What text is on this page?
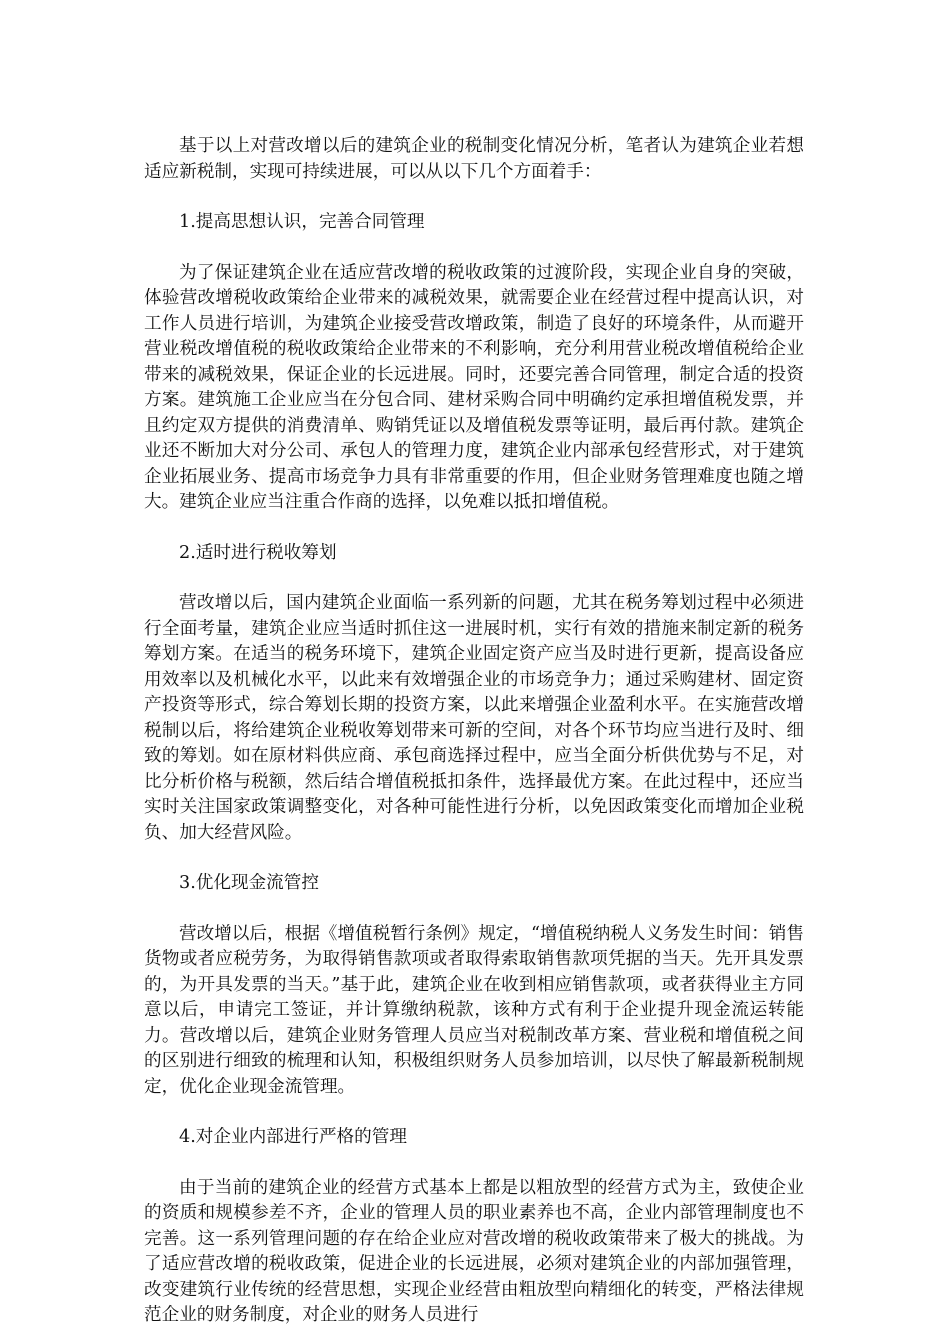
基于以上对营改增以后的建筑企业的税制变化情况分析，笔者认为建筑企业若想适应新税制，实现可持续进展，可以从以下几个方面着手：

1.提高思想认识，完善合同管理

为了保证建筑企业在适应营改增的税收政策的过渡阶段，实现企业自身的突破，体验营改增税收政策给企业带来的减税效果，就需要企业在经营过程中提高认识，对工作人员进行培训，为建筑企业接受营改增政策，制造了良好的环境条件，从而避开营业税改增值税的税收政策给企业带来的不利影响，充分利用营业税改增值税给企业带来的减税效果，保证企业的长远进展。同时，还要完善合同管理，制定合适的投资方案。建筑施工企业应当在分包合同、建材采购合同中明确约定承担增值税发票，并且约定双方提供的消费清单、购销凭证以及增值税发票等证明，最后再付款。建筑企业还不断加大对分公司、承包人的管理力度，建筑企业内部承包经营形式，对于建筑企业拓展业务、提高市场竞争力具有非常重要的作用，但企业财务管理难度也随之增大。建筑企业应当注重合作商的选择，以免难以抵扣增值税。

2.适时进行税收筹划

营改增以后，国内建筑企业面临一系列新的问题，尤其在税务筹划过程中必须进行全面考量，建筑企业应当适时抓住这一进展时机，实行有效的措施来制定新的税务筹划方案。在适当的税务环境下，建筑企业固定资产应当及时进行更新，提高设备应用效率以及机械化水平，以此来有效增强企业的市场竞争力；通过采购建材、固定资产投资等形式，综合筹划长期的投资方案，以此来增强企业盈利水平。在实施营改增税制以后，将给建筑企业税收筹划带来可新的空间，对各个环节均应当进行及时、细致的筹划。如在原材料供应商、承包商选择过程中，应当全面分析供优势与不足，对比分析价格与税额，然后结合增值税抵扣条件，选择最优方案。在此过程中，还应当实时关注国家政策调整变化，对各种可能性进行分析，以免因政策变化而增加企业税负、加大经营风险。

3.优化现金流管控

营改增以后，根据《增值税暂行条例》规定，“增值税纳税人义务发生时间：销售货物或者应税劳务，为取得销售款项或者取得索取销售款项凭据的当天。先开具发票的，为开具发票的当天。”基于此，建筑企业在收到相应销售款项，或者获得业主方同意以后，申请完工签证，并计算缴纳税款，该种方式有利于企业提升现金流运转能力。营改增以后，建筑企业财务管理人员应当对税制改革方案、营业税和增值税之间的区别进行细致的梳理和认知，积极组织财务人员参加培训，以尽快了解最新税制规定，优化企业现金流管理。

4.对企业内部进行严格的管理

由于当前的建筑企业的经营方式基本上都是以粗放型的经营方式为主，致使企业的资质和规模参差不齐，企业的管理人员的职业素养也不高，企业内部管理制度也不完善。这一系列管理问题的存在给企业应对营改增的税收政策带来了极大的挑战。为了适应营改增的税收政策，促进企业的长远进展，必须对建筑企业的内部加强管理，改变建筑行业传统的经营思想，实现企业经营由粗放型向精细化的转变，严格法律规范企业的财务制度，对企业的财务人员进行
